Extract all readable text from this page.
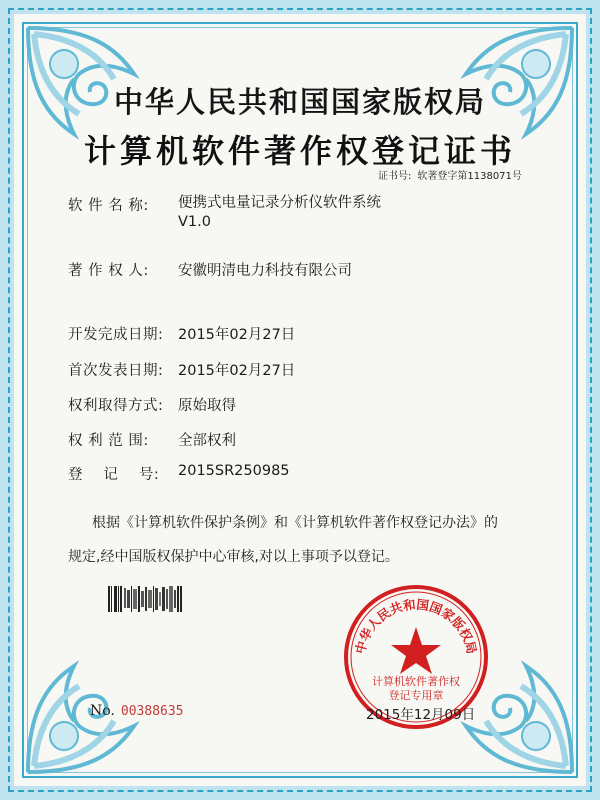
中华人民共和国国家版权局
计算机软件著作权登记证书
证书号: 软著登字第1138071号
软 件 名 称: 便携式电量记录分析仪软件系统
V1.0
著 作 权 人: 安徽明清电力科技有限公司
开发完成日期: 2015年02月27日
首次发表日期: 2015年02月27日
权利取得方式: 原始取得
权 利 范 围: 全部权利
登    记    号: 2015SR250985
根据《计算机软件保护条例》和《计算机软件著作权登记办法》的
规定,经中国版权保护中心审核,对以上事项予以登记。
No. 00388635
中华人民共和国国家版权局
计算机软件著作权
登记专用章
2015年12月09日
